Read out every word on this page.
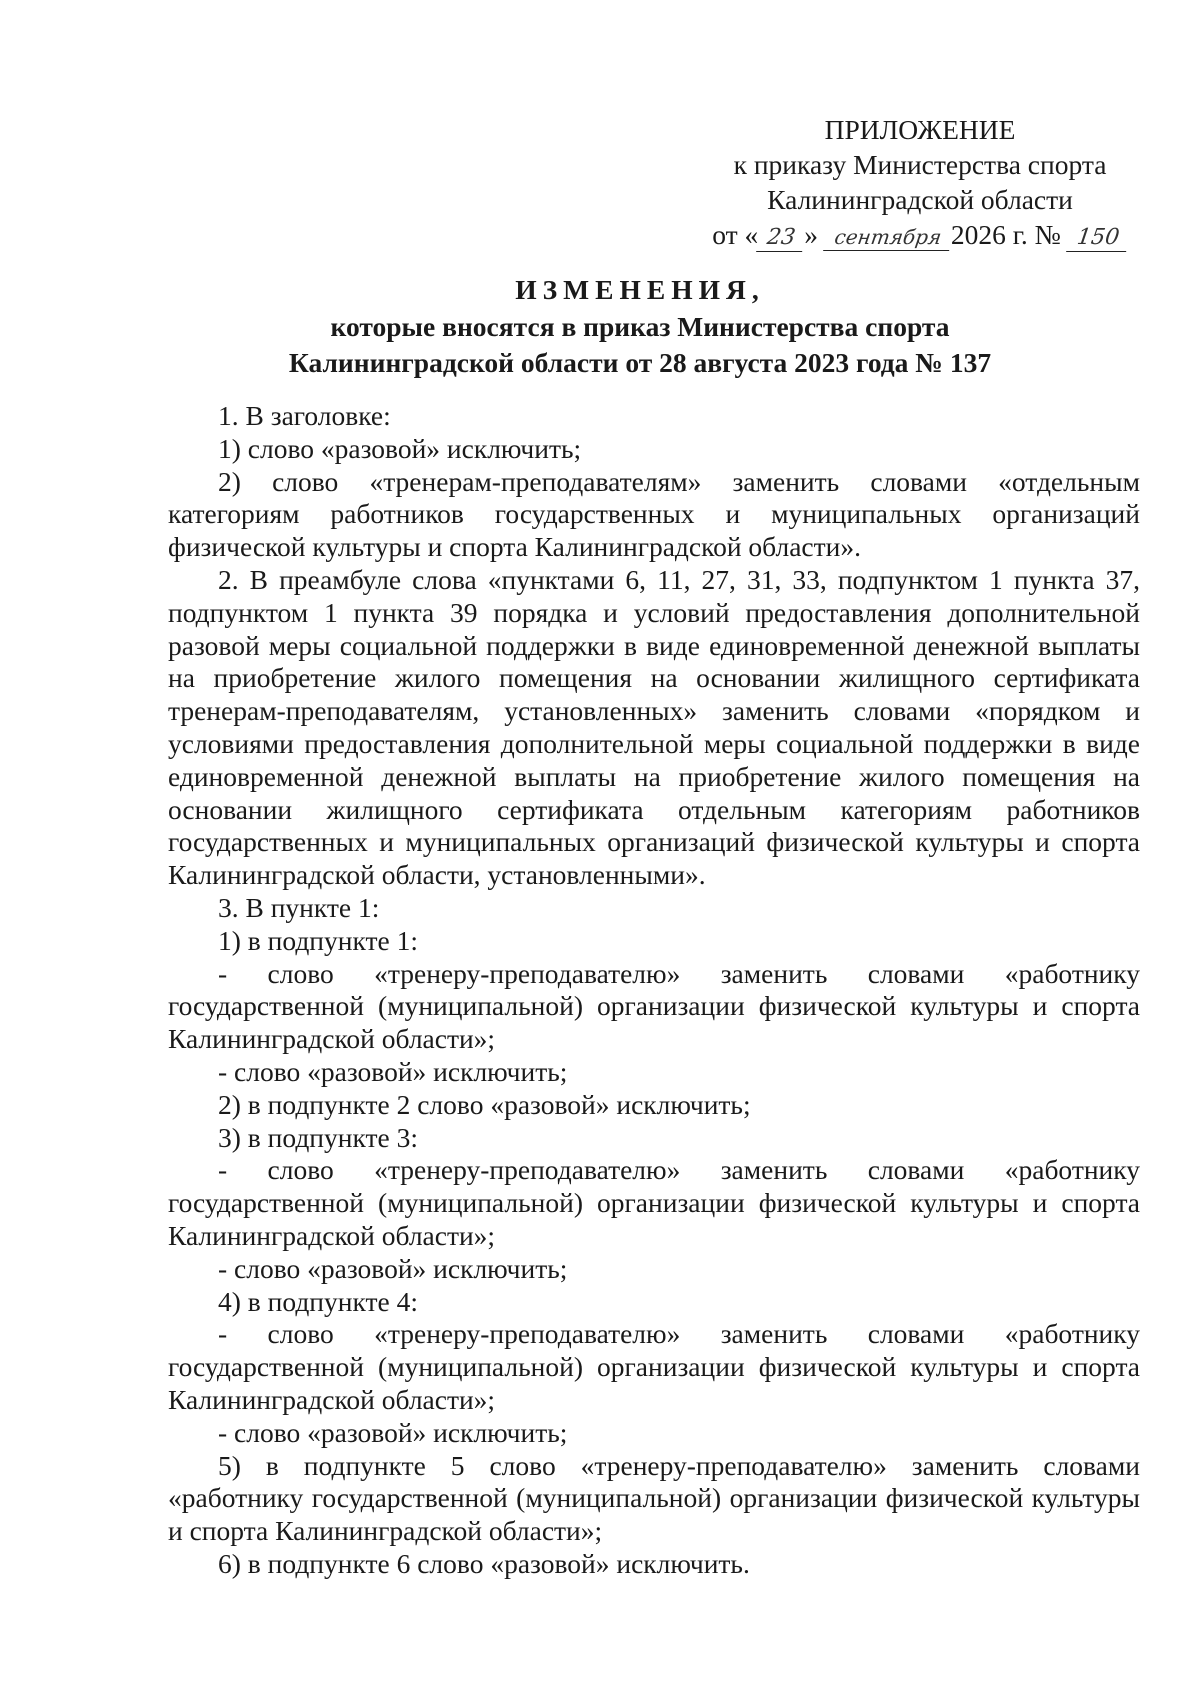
ПРИЛОЖЕНИЕ
к приказу Министерства спорта
Калининградской области
от « 23 » сентября 2026 г. № 150
ИЗМЕНЕНИЯ,
которые вносятся в приказ Министерства спорта
Калининградской области от 28 августа 2023 года № 137

1. В заголовке:

1) слово «разовой» исключить;

2) слово «тренерам-преподавателям» заменить словами «отдельным категориям работников государственных и муниципальных организаций физической культуры и спорта Калининградской области».

2. В преамбуле слова «пунктами 6, 11, 27, 31, 33, подпунктом 1 пункта 37, подпунктом 1 пункта 39 порядка и условий предоставления дополнительной разовой меры социальной поддержки в виде единовременной денежной выплаты на приобретение жилого помещения на основании жилищного сертификата тренерам-преподавателям, установленных» заменить словами «порядком и условиями предоставления дополнительной меры социальной поддержки в виде единовременной денежной выплаты на приобретение жилого помещения на основании жилищного сертификата отдельным категориям работников государственных и муниципальных организаций физической культуры и спорта Калининградской области, установленными».

3. В пункте 1:

1) в подпункте 1:

- слово «тренеру-преподавателю» заменить словами «работнику государственной (муниципальной) организации физической культуры и спорта Калининградской области»;

- слово «разовой» исключить;

2) в подпункте 2 слово «разовой» исключить;

3) в подпункте 3:

- слово «тренеру-преподавателю» заменить словами «работнику государственной (муниципальной) организации физической культуры и спорта Калининградской области»;

- слово «разовой» исключить;

4) в подпункте 4:

- слово «тренеру-преподавателю» заменить словами «работнику государственной (муниципальной) организации физической культуры и спорта Калининградской области»;

- слово «разовой» исключить;

5) в подпункте 5 слово «тренеру-преподавателю» заменить словами «работнику государственной (муниципальной) организации физической культуры и спорта Калининградской области»;

6) в подпункте 6 слово «разовой» исключить.
